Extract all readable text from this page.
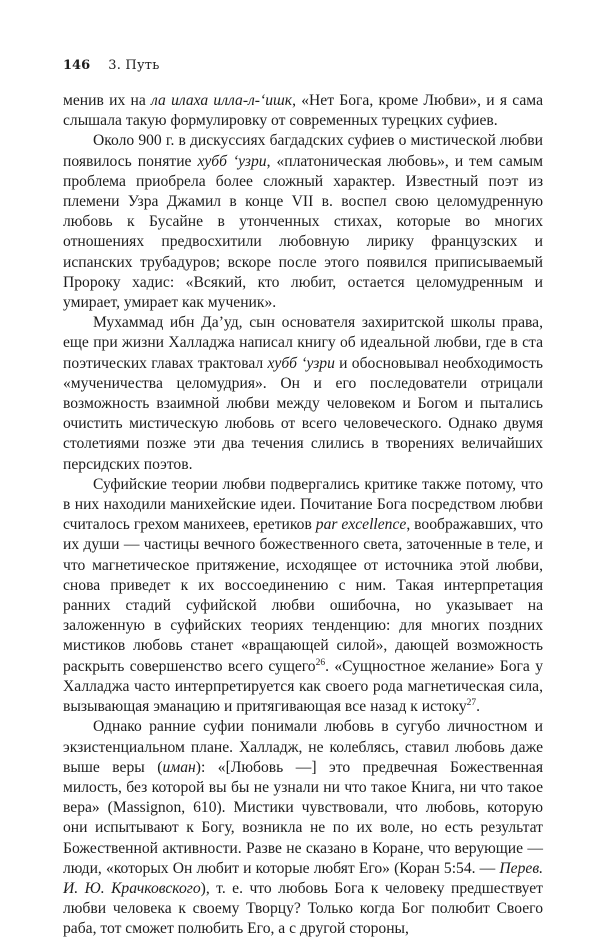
146 3. Путь

менив их на ла илаха илла-л-‘ишк, «Нет Бога, кроме Любви», и я сама слышала такую формулировку от современных турецких суфиев.

Около 900 г. в дискуссиях багдадских суфиев о мистической любви появилось понятие хубб ‘узри, «платоническая любовь», и тем самым проблема приобрела более сложный характер. Известный поэт из племени Узра Джамил в конце VII в. воспел свою целомудренную любовь к Бусайне в утонченных стихах, которые во многих отношениях предвосхитили любовную лирику французских и испанских трубадуров; вскоре после этого появился приписываемый Пророку хадис: «Всякий, кто любит, остается целомудренным и умирает, умирает как мученик».

Мухаммад ибн Да’уд, сын основателя захиритской школы права, еще при жизни Халладжа написал книгу об идеальной любви, где в ста поэтических главах трактовал хубб ‘узри и обосновывал необходимость «мученичества целомудрия». Он и его последователи отрицали возможность взаимной любви между человеком и Богом и пытались очистить мистическую любовь от всего человеческого. Однако двумя столетиями позже эти два течения слились в творениях величайших персидских поэтов.

Суфийские теории любви подвергались критике также потому, что в них находили манихейские идеи. Почитание Бога посредством любви считалось грехом манихеев, еретиков par excellence, воображавших, что их души — частицы вечного божественного света, заточенные в теле, и что магнетическое притяжение, исходящее от источника этой любви, снова приведет к их воссоединению с ним. Такая интерпретация ранних стадий суфийской любви ошибочна, но указывает на заложенную в суфийских теориях тенденцию: для многих поздних мистиков любовь станет «вращающей силой», дающей возможность раскрыть совершенство всего сущего$^{26}$. «Сущностное желание» Бога у Халладжа часто интерпретируется как своего рода магнетическая сила, вызывающая эманацию и притягивающая все назад к истоку$^{27}$.

Однако ранние суфии понимали любовь в сугубо личностном и экзистенциальном плане. Халладж, не колеблясь, ставил любовь даже выше веры (иман): «[Любовь —] это предвечная Божественная милость, без которой вы бы не узнали ни что такое Книга, ни что такое вера» (Massignon, 610). Мистики чувствовали, что любовь, которую они испытывают к Богу, возникла не по их воле, но есть результат Божественной активности. Разве не сказано в Коране, что верующие — люди, «которых Он любит и которые любят Его» (Коран 5:54. — Перев. И. Ю. Крачковского), т. е. что любовь Бога к человеку предшествует любви человека к своему Творцу? Только когда Бог полюбит Своего раба, тот сможет полюбить Его, а с другой стороны,
